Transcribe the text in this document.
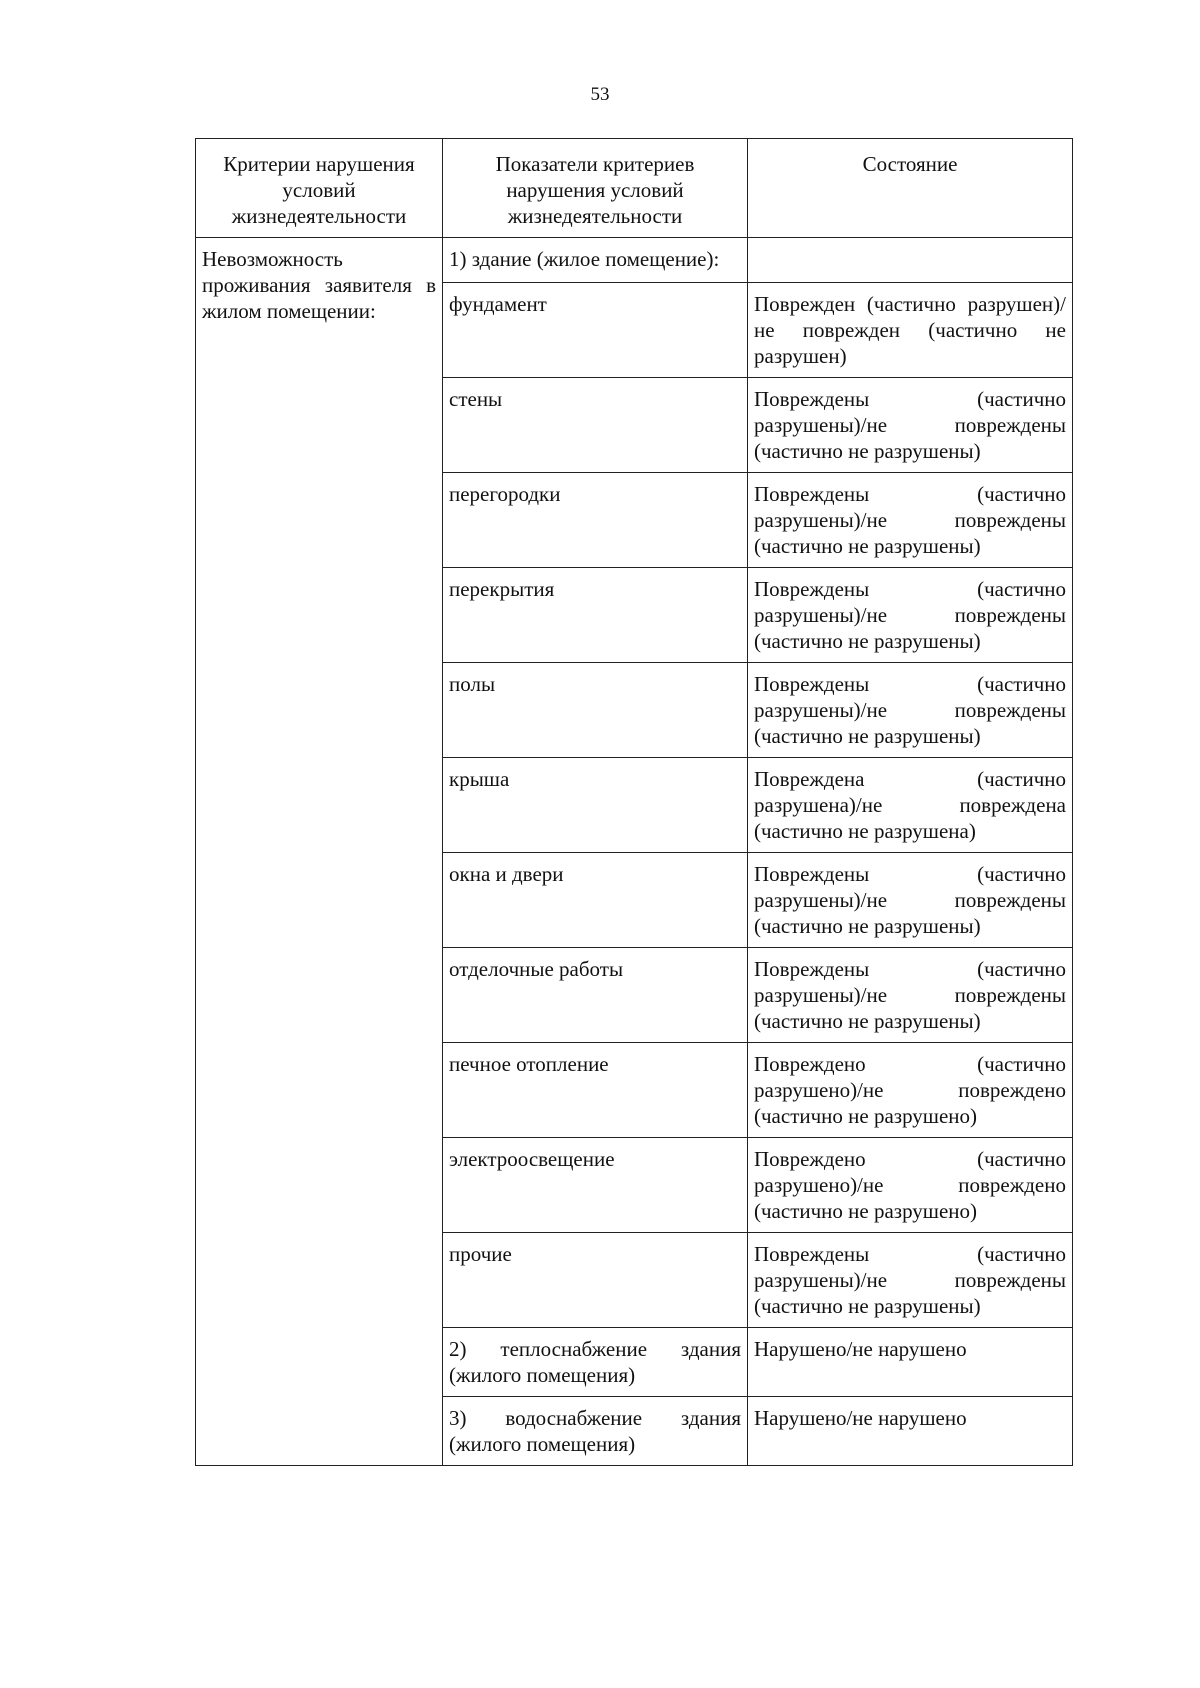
53
Критерии нарушения условий жизнедеятельности	Показатели критериев нарушения условий жизнедеятельности	Состояние
Невозможность проживания заявителя в жилом помещении:	1) здание (жилое помещение):	
	фундамент	Поврежден (частично разрушен)/не поврежден (частично не разрушен)
	стены	Повреждены (частично разрушены)/не повреждены (частично не разрушены)
	перегородки	Повреждены (частично разрушены)/не повреждены (частично не разрушены)
	перекрытия	Повреждены (частично разрушены)/не повреждены (частично не разрушены)
	полы	Повреждены (частично разрушены)/не повреждены (частично не разрушены)
	крыша	Повреждена (частично разрушена)/не повреждена (частично не разрушена)
	окна и двери	Повреждены (частично разрушены)/не повреждены (частично не разрушены)
	отделочные работы	Повреждены (частично разрушены)/не повреждены (частично не разрушены)
	печное отопление	Повреждено (частично разрушено)/не повреждено (частично не разрушено)
	электроосвещение	Повреждено (частично разрушено)/не повреждено (частично не разрушено)
	прочие	Повреждены (частично разрушены)/не повреждены (частично не разрушены)
	2) теплоснабжение здания (жилого помещения)	Нарушено/не нарушено
	3) водоснабжение здания (жилого помещения)	Нарушено/не нарушено
